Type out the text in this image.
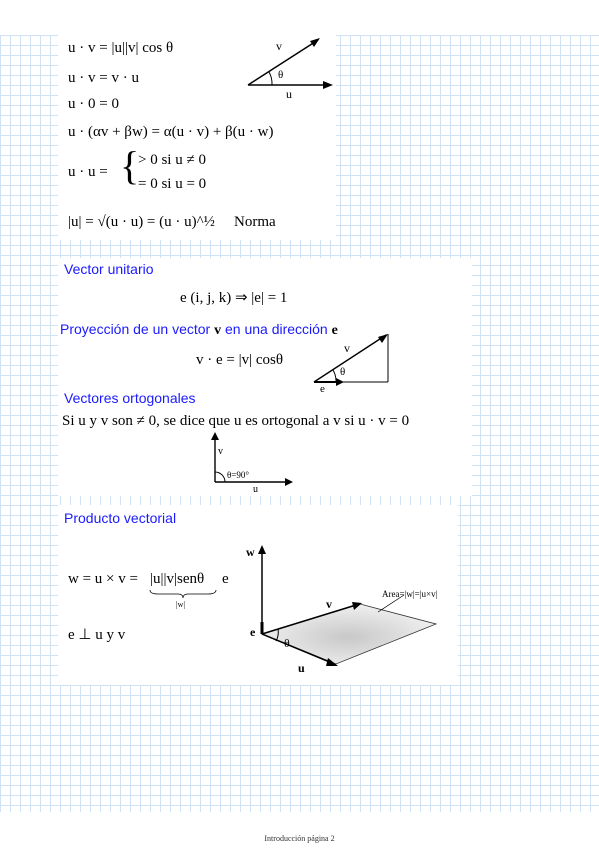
u · v = |u||v| cos θ
u · v = v · u
u · 0 = 0
u · (αv + βw) = α(u · v) + β(u · w)
u · u = {
> 0 si u ≠ 0
= 0 si u = 0
|u| = √(u · u) = (u · u)^½ Norma
v
θ
u
Vector unitario
e (i, j, k) ⇒ |e| = 1
Proyección de un vector v en una dirección e
v · e = |v| cosθ
v
θ
e
Vectores ortogonales
Si u y v son ≠ 0, se dice que u es ortogonal a v si u · v = 0
v
θ=90°
u
Producto vectorial
w = u × v = |u||v|senθ e
|w|
e ⊥ u y v
w
v
u
e
θ
Area=|w|=|u×v|
Introducción página 2
